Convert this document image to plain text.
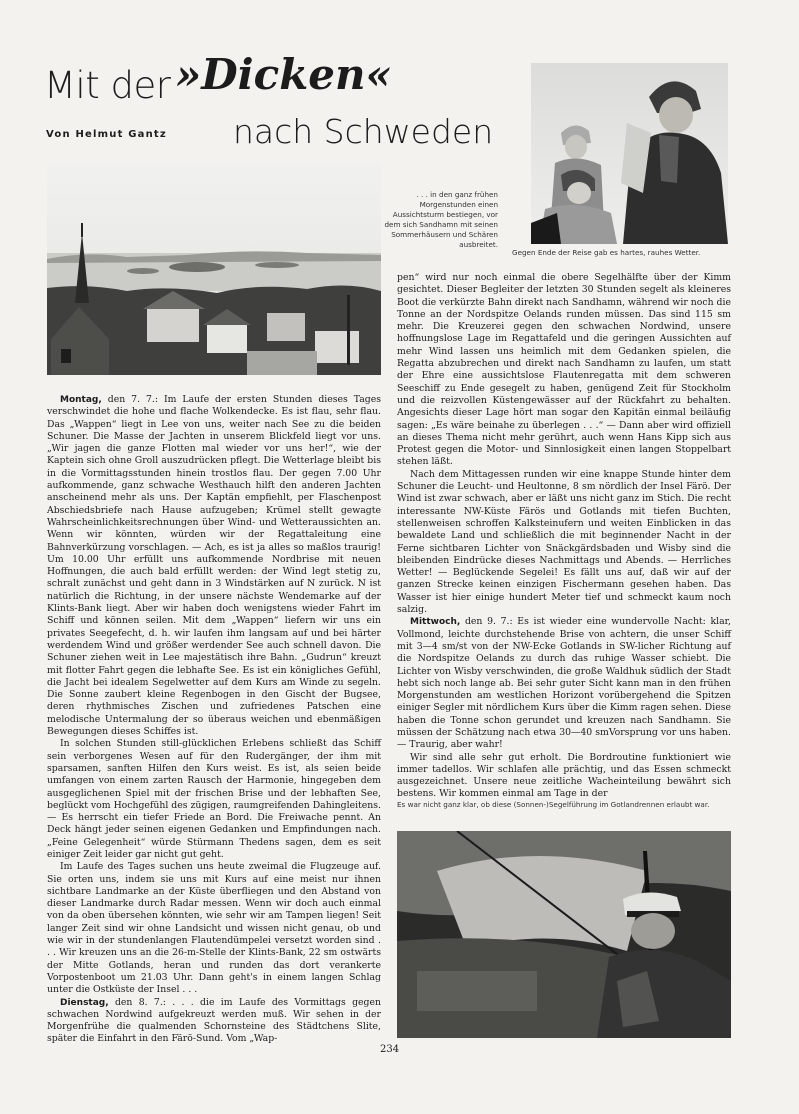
Mit der »Dicken«
nach Schweden
Von Helmut Gantz
Gegen Ende der Reise gab es hartes, rauhes Wetter.
. . . in den ganz frühen Morgenstunden einen Aussichtsturm bestiegen, vor dem sich Sandhamn mit seinen Sommerhäusern und Schären ausbreitet.

Montag, den 7. 7.: Im Laufe der ersten Stunden dieses Tages verschwindet die hohe und flache Wolkendecke. Es ist flau, sehr flau. Das „Wappen“ liegt in Lee von uns, weiter nach See zu die beiden Schuner. Die Masse der Jachten in unserem Blickfeld liegt vor uns. „Wir jagen die ganze Flotten mal wieder vor uns her!“, wie der Kaptein sich ohne Groll auszudrücken pflegt. Die Wetterlage bleibt bis in die Vormittagsstunden hinein trostlos flau. Der gegen 7.00 Uhr aufkommende, ganz schwache Westhauch hilft den anderen Jachten anscheinend mehr als uns. Der Kaptän empfiehlt, per Flaschenpost Abschiedsbriefe nach Hause aufzugeben; Krümel stellt gewagte Wahrscheinlichkeitsrechnungen über Wind- und Wetteraussichten an. Wenn wir könnten, würden wir der Regattaleitung eine Bahnverkürzung vorschlagen. — Ach, es ist ja alles so maßlos traurig! Um 10.00 Uhr erfüllt uns aufkommende Nordbrise mit neuen Hoffnungen, die auch bald erfüllt werden: der Wind legt stetig zu, schralt zunächst und geht dann in 3 Windstärken auf N zurück. N ist natürlich die Richtung, in der unsere nächste Wendemarke auf der Klints-Bank liegt. Aber wir haben doch wenigstens wieder Fahrt im Schiff und können seilen. Mit dem „Wappen“ liefern wir uns ein privates Seegefecht, d. h. wir laufen ihm langsam auf und bei härter werdendem Wind und größer werdender See auch schnell davon. Die Schuner ziehen weit in Lee majestätisch ihre Bahn. „Gudrun“ kreuzt mit flotter Fahrt gegen die lebhafte See. Es ist ein königliches Gefühl, die Jacht bei idealem Segelwetter auf dem Kurs am Winde zu segeln. Die Sonne zaubert kleine Regenbogen in den Gischt der Bugsee, deren rhythmisches Zischen und zufriedenes Patschen eine melodische Untermalung der so überaus weichen und ebenmäßigen Bewegungen dieses Schiffes ist.

In solchen Stunden still-glücklichen Erlebens schließt das Schiff sein verborgenes Wesen auf für den Rudergänger, der ihm mit sparsamen, sanften Hilfen den Kurs weist. Es ist, als seien beide umfangen von einem zarten Rausch der Harmonie, hingegeben dem ausgeglichenen Spiel mit der frischen Brise und der lebhaften See, beglückt vom Hochgefühl des zügigen, raumgreifenden Dahingleitens. — Es herrscht ein tiefer Friede an Bord. Die Freiwache pennt. An Deck hängt jeder seinen eigenen Gedanken und Empfindungen nach. „Feine Gelegenheit“ würde Stürmann Thedens sagen, dem es seit einiger Zeit leider gar nicht gut geht.

Im Laufe des Tages suchen uns heute zweimal die Flugzeuge auf. Sie orten uns, indem sie uns mit Kurs auf eine meist nur ihnen sichtbare Landmarke an der Küste überfliegen und den Abstand von dieser Landmarke durch Radar messen. Wenn wir doch auch einmal von da oben übersehen könnten, wie sehr wir am Tampen liegen! Seit langer Zeit sind wir ohne Landsicht und wissen nicht genau, ob und wie wir in der stundenlangen Flautendümpelei versetzt worden sind . . . Wir kreuzen uns an die 26-m-Stelle der Klints-Bank, 22 sm ostwärts der Mitte Gotlands, heran und runden das dort verankerte Vorpostenboot um 21.03 Uhr. Dann geht's in einem langen Schlag unter die Ostküste der Insel . . .

Dienstag, den 8. 7.: . . . die im Laufe des Vormittags gegen schwachen Nordwind aufgekreuzt werden muß. Wir sehen in der Morgenfrühe die qualmenden Schornsteine des Städtchens Slite, später die Einfahrt in den Färö-Sund. Vom „Wap-

pen“ wird nur noch einmal die obere Segelhälfte über der Kimm gesichtet. Dieser Begleiter der letzten 30 Stunden segelt als kleineres Boot die verkürzte Bahn direkt nach Sandhamn, während wir noch die Tonne an der Nordspitze Oelands runden müssen. Das sind 115 sm mehr. Die Kreuzerei gegen den schwachen Nordwind, unsere hoffnungslose Lage im Regattafeld und die geringen Aussichten auf mehr Wind lassen uns heimlich mit dem Gedanken spielen, die Regatta abzubrechen und direkt nach Sandhamn zu laufen, um statt der Ehre eine aussichtslose Flautenregatta mit dem schweren Seeschiff zu Ende gesegelt zu haben, genügend Zeit für Stockholm und die reizvollen Küstengewässer auf der Rückfahrt zu behalten. Angesichts dieser Lage hört man sogar den Kapitän einmal beiläufig sagen: „Es wäre beinahe zu überlegen . . .“ — Dann aber wird offiziell an dieses Thema nicht mehr gerührt, auch wenn Hans Kipp sich aus Protest gegen die Motor- und Sinnlosigkeit einen langen Stoppelbart stehen läßt.

Nach dem Mittagessen runden wir eine knappe Stunde hinter dem Schuner die Leucht- und Heultonne, 8 sm nördlich der Insel Färö. Der Wind ist zwar schwach, aber er läßt uns nicht ganz im Stich. Die recht interessante NW-Küste Färös und Gotlands mit tiefen Buchten, stellenweisen schroffen Kalksteinufern und weiten Einblicken in das bewaldete Land und schließlich die mit beginnender Nacht in der Ferne sichtbaren Lichter von Snäckgärdsbaden und Wisby sind die bleibenden Eindrücke dieses Nachmittags und Abends. — Herrliches Wetter! — Beglückende Segelei! Es fällt uns auf, daß wir auf der ganzen Strecke keinen einzigen Fischermann gesehen haben. Das Wasser ist hier einige hundert Meter tief und schmeckt kaum noch salzig.

Mittwoch, den 9. 7.: Es ist wieder eine wundervolle Nacht: klar, Vollmond, leichte durchstehende Brise von achtern, die unser Schiff mit 3—4 sm/st von der NW-Ecke Gotlands in SW-licher Richtung auf die Nordspitze Oelands zu durch das ruhige Wasser schiebt. Die Lichter von Wisby verschwinden, die große Waldhuk südlich der Stadt hebt sich noch lange ab. Bei sehr guter Sicht kann man in den frühen Morgenstunden am westlichen Horizont vorübergehend die Spitzen einiger Segler mit nördlichem Kurs über die Kimm ragen sehen. Diese haben die Tonne schon gerundet und kreuzen nach Sandhamn. Sie müssen der Schätzung nach etwa 30—40 smVorsprung vor uns haben. — Traurig, aber wahr!

Wir sind alle sehr gut erholt. Die Bordroutine funktioniert wie immer tadellos. Wir schlafen alle prächtig, und das Essen schmeckt ausgezeichnet. Unsere neue zeitliche Wacheinteilung bewährt sich bestens. Wir kommen einmal am Tage in der

Es war nicht ganz klar, ob diese (Sonnen-)Segelführung im Gotlandrennen erlaubt war.
234
